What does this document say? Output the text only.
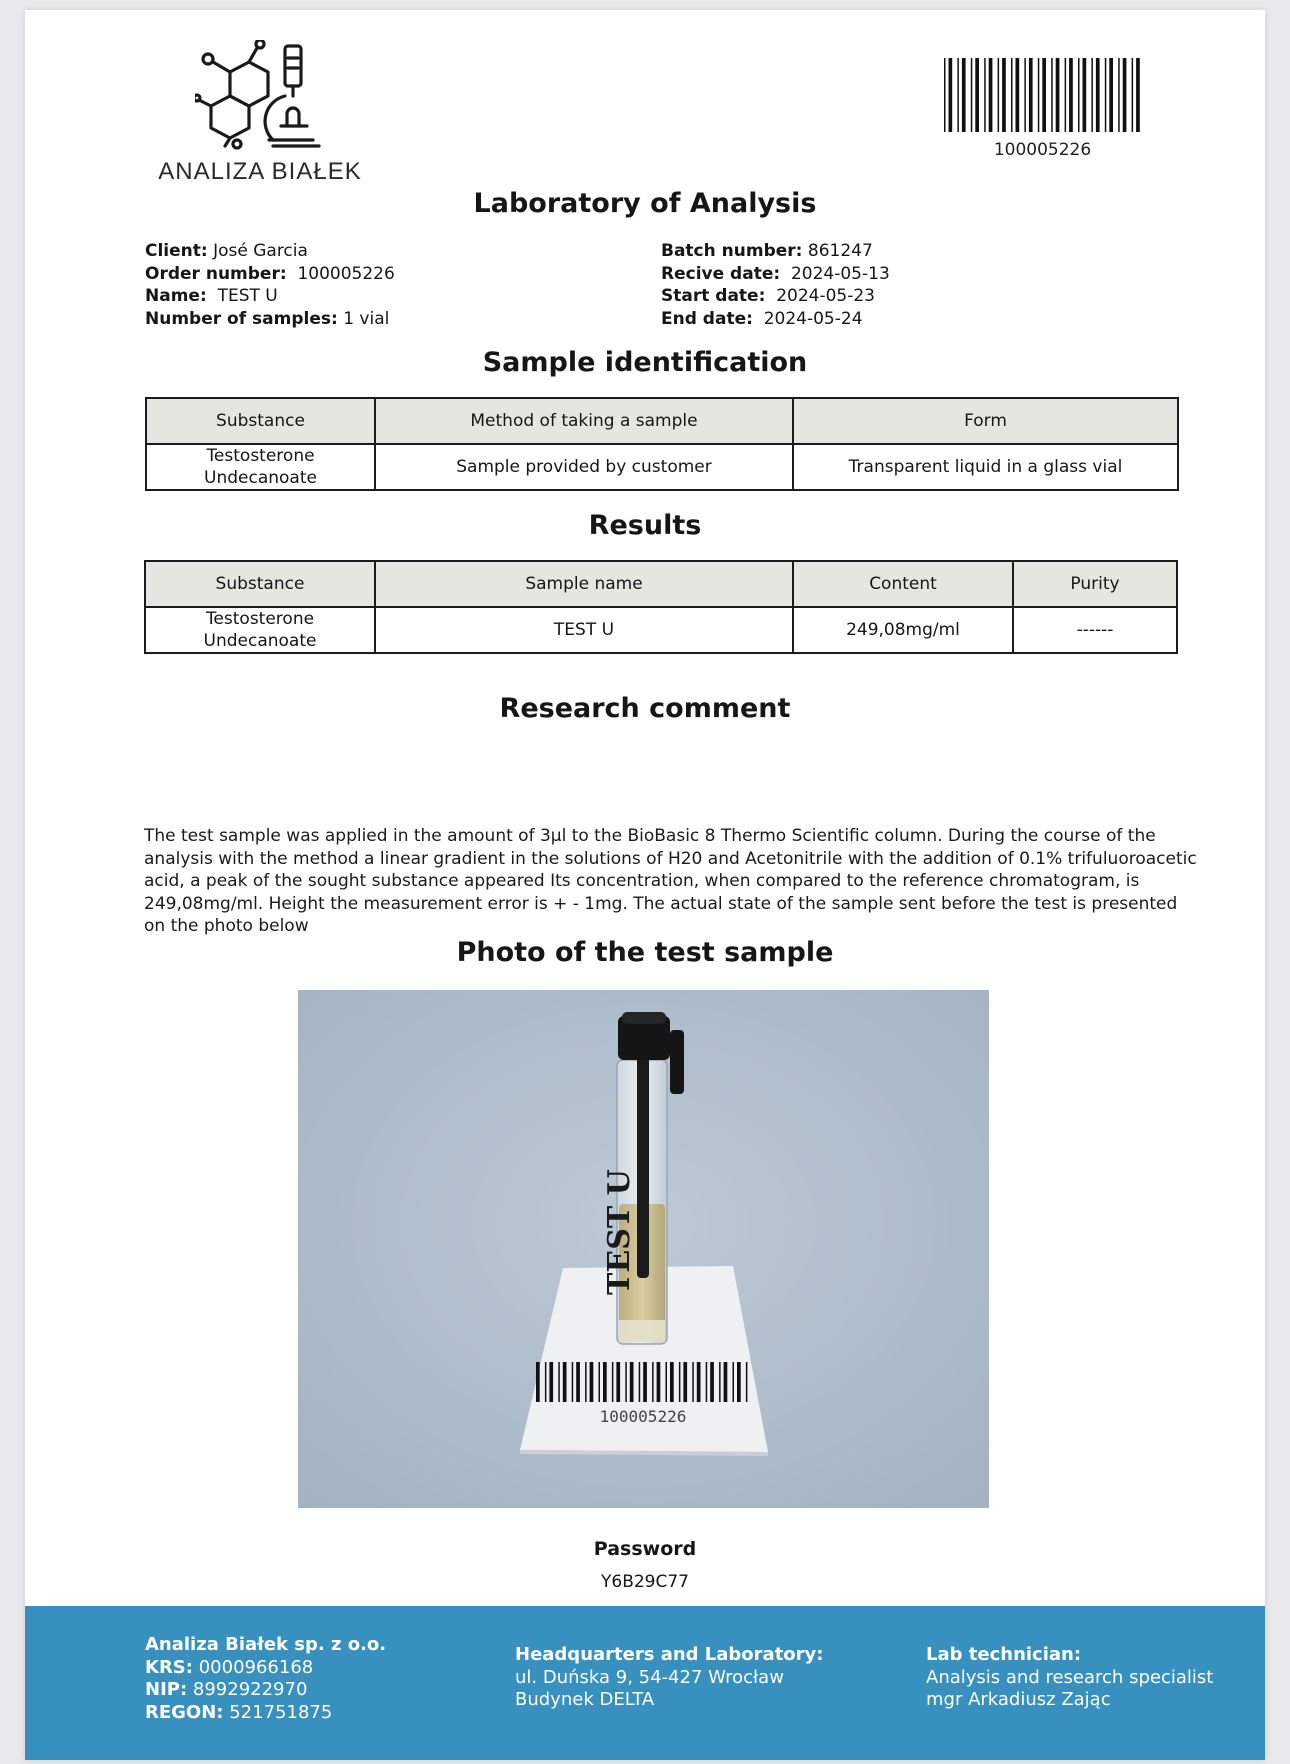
ANALIZA BIAŁEK
100005226
Laboratory of Analysis
Client: José Garcia
Order number: 100005226
Name: TEST U
Number of samples: 1 vial
Batch number: 861247
Recive date: 2024-05-13
Start date: 2024-05-23
End date: 2024-05-24
Sample identification
Substance	Method of taking a sample	Form
Testosterone
Undecanoate	Sample provided by customer	Transparent liquid in a glass vial
Results
Substance	Sample name	Content	Purity
Testosterone
Undecanoate	TEST U	249,08mg/ml	------
Research comment
The test sample was applied in the amount of 3µl to the BioBasic 8 Thermo Scientific column. During the course of the
analysis with the method a linear gradient in the solutions of H20 and Acetonitrile with the addition of 0.1% trifuluoroacetic
acid, a peak of the sought substance appeared Its concentration, when compared to the reference chromatogram, is
249,08mg/ml. Height the measurement error is + - 1mg. The actual state of the sample sent before the test is presented
on the photo below
Photo of the test sample
100005226
TEST U
Password
Y6B29C77
Analiza Białek sp. z o.o.
KRS: 0000966168
NIP: 8992922970
REGON: 521751875
Headquarters and Laboratory:
ul. Duńska 9, 54-427 Wrocław
Budynek DELTA
Lab technician:
Analysis and research specialist
mgr Arkadiusz Zając
